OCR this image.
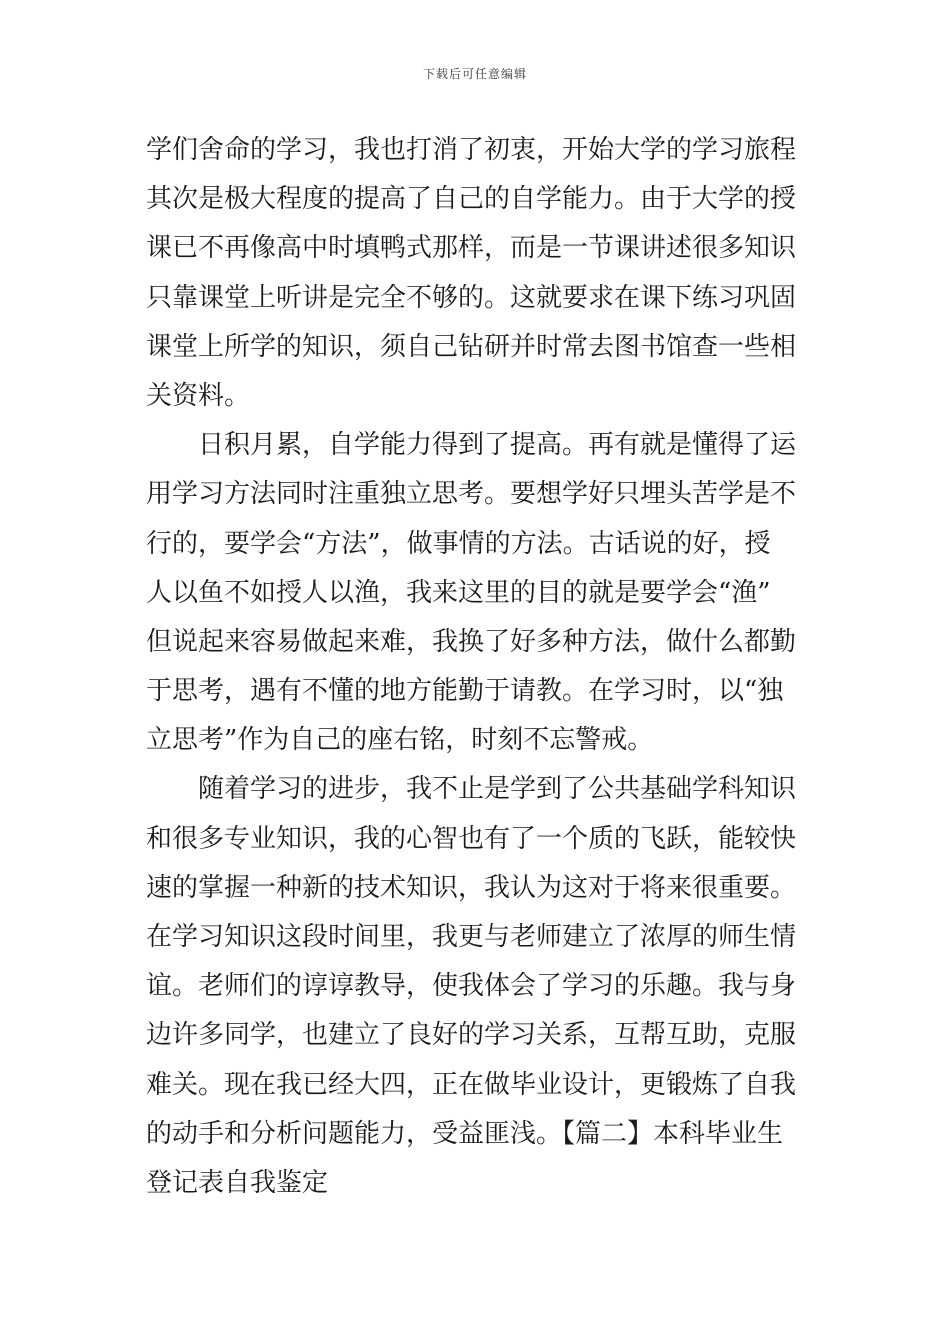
下载后可任意编辑
学们舍命的学习，我也打消了初衷，开始大学的学习旅程
其次是极大程度的提高了自己的自学能力。由于大学的授
课已不再像高中时填鸭式那样，而是一节课讲述很多知识
只靠课堂上听讲是完全不够的。这就要求在课下练习巩固
课堂上所学的知识，须自己钻研并时常去图书馆查一些相
关资料。
日积月累，自学能力得到了提高。再有就是懂得了运
用学习方法同时注重独立思考。要想学好只埋头苦学是不
行的，要学会“方法”，做事情的方法。古话说的好，授
人以鱼不如授人以渔，我来这里的目的就是要学会“渔”
但说起来容易做起来难，我换了好多种方法，做什么都勤
于思考，遇有不懂的地方能勤于请教。在学习时，以“独
立思考”作为自己的座右铭，时刻不忘警戒。
随着学习的进步，我不止是学到了公共基础学科知识
和很多专业知识，我的心智也有了一个质的飞跃，能较快
速的掌握一种新的技术知识，我认为这对于将来很重要。
在学习知识这段时间里，我更与老师建立了浓厚的师生情
谊。老师们的谆谆教导，使我体会了学习的乐趣。我与身
边许多同学，也建立了良好的学习关系，互帮互助，克服
难关。现在我已经大四，正在做毕业设计，更锻炼了自我
的动手和分析问题能力，受益匪浅。【篇二】本科毕业生
登记表自我鉴定
